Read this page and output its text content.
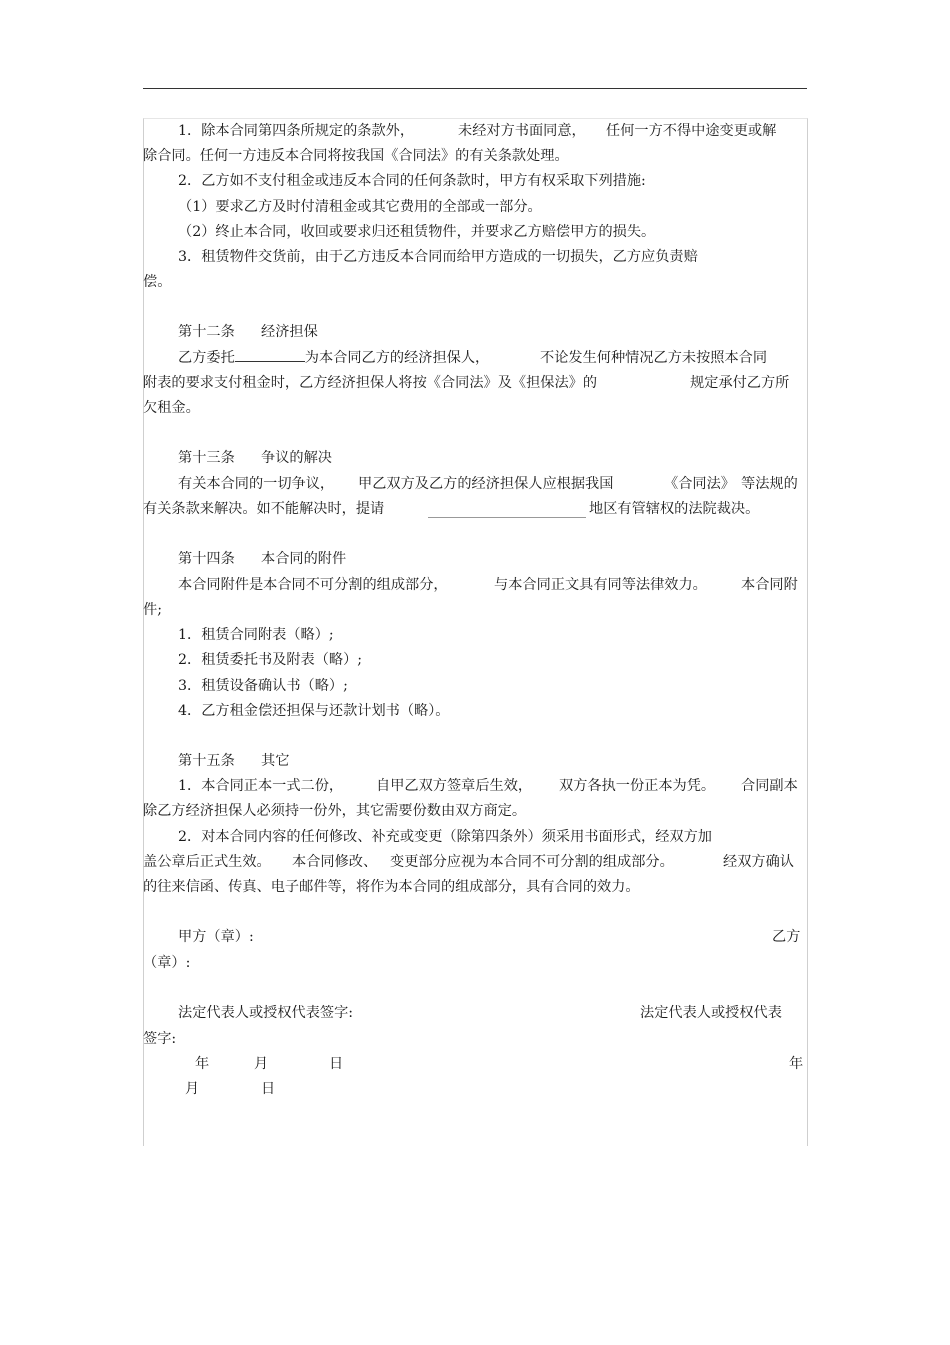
1．除本合同第四条所规定的条款外，	未经对方书面同意， 任何一方不得中途变更或解
除合同。任何一方违反本合同将按我国《合同法》的有关条款处理。
2．乙方如不支付租金或违反本合同的任何条款时，甲方有权采取下列措施:
（1）要求乙方及时付清租金或其它费用的全部或一部分。
（2）终止本合同，收回或要求归还租赁物件，并要求乙方赔偿甲方的损失。
3．租赁物件交货前，由于乙方违反本合同而给甲方造成的一切损失，乙方应负责赔
偿。
第十二条 经济担保
乙方委托	为本合同乙方的经济担保人，	不论发生何种情况乙方未按照本合同
附表的要求支付租金时，乙方经济担保人将按《合同法》及《担保法》的	规定承付乙方所
欠租金。
第十三条 争议的解决
有关本合同的一切争议， 甲乙双方及乙方的经济担保人应根据我国	《合同法》 等法规的
有关条款来解决。如不能解决时，提请	地区有管辖权的法院裁决。
第十四条 本合同的附件
本合同附件是本合同不可分割的组成部分，	与本合同正文具有同等法律效力。 本合同附
件;
1．租赁合同附表（略）;
2．租赁委托书及附表（略）;
3．租赁设备确认书（略）;
4．乙方租金偿还担保与还款计划书（略）。
第十五条 其它
1．本合同正本一式二份， 自甲乙双方签章后生效， 双方各执一份正本为凭。 合同副本
除乙方经济担保人必须持一份外，其它需要份数由双方商定。
2．对本合同内容的任何修改、补充或变更（除第四条外）须采用书面形式，经双方加
盖公章后正式生效。 本合同修改、 变更部分应视为本合同不可分割的组成部分。	经双方确认
的往来信函、传真、电子邮件等，将作为本合同的组成部分，具有合同的效力。
甲方（章）:	乙方
（章）:
法定代表人或授权代表签字:	法定代表人或授权代表
签字:
年	月	日	年
月	日
